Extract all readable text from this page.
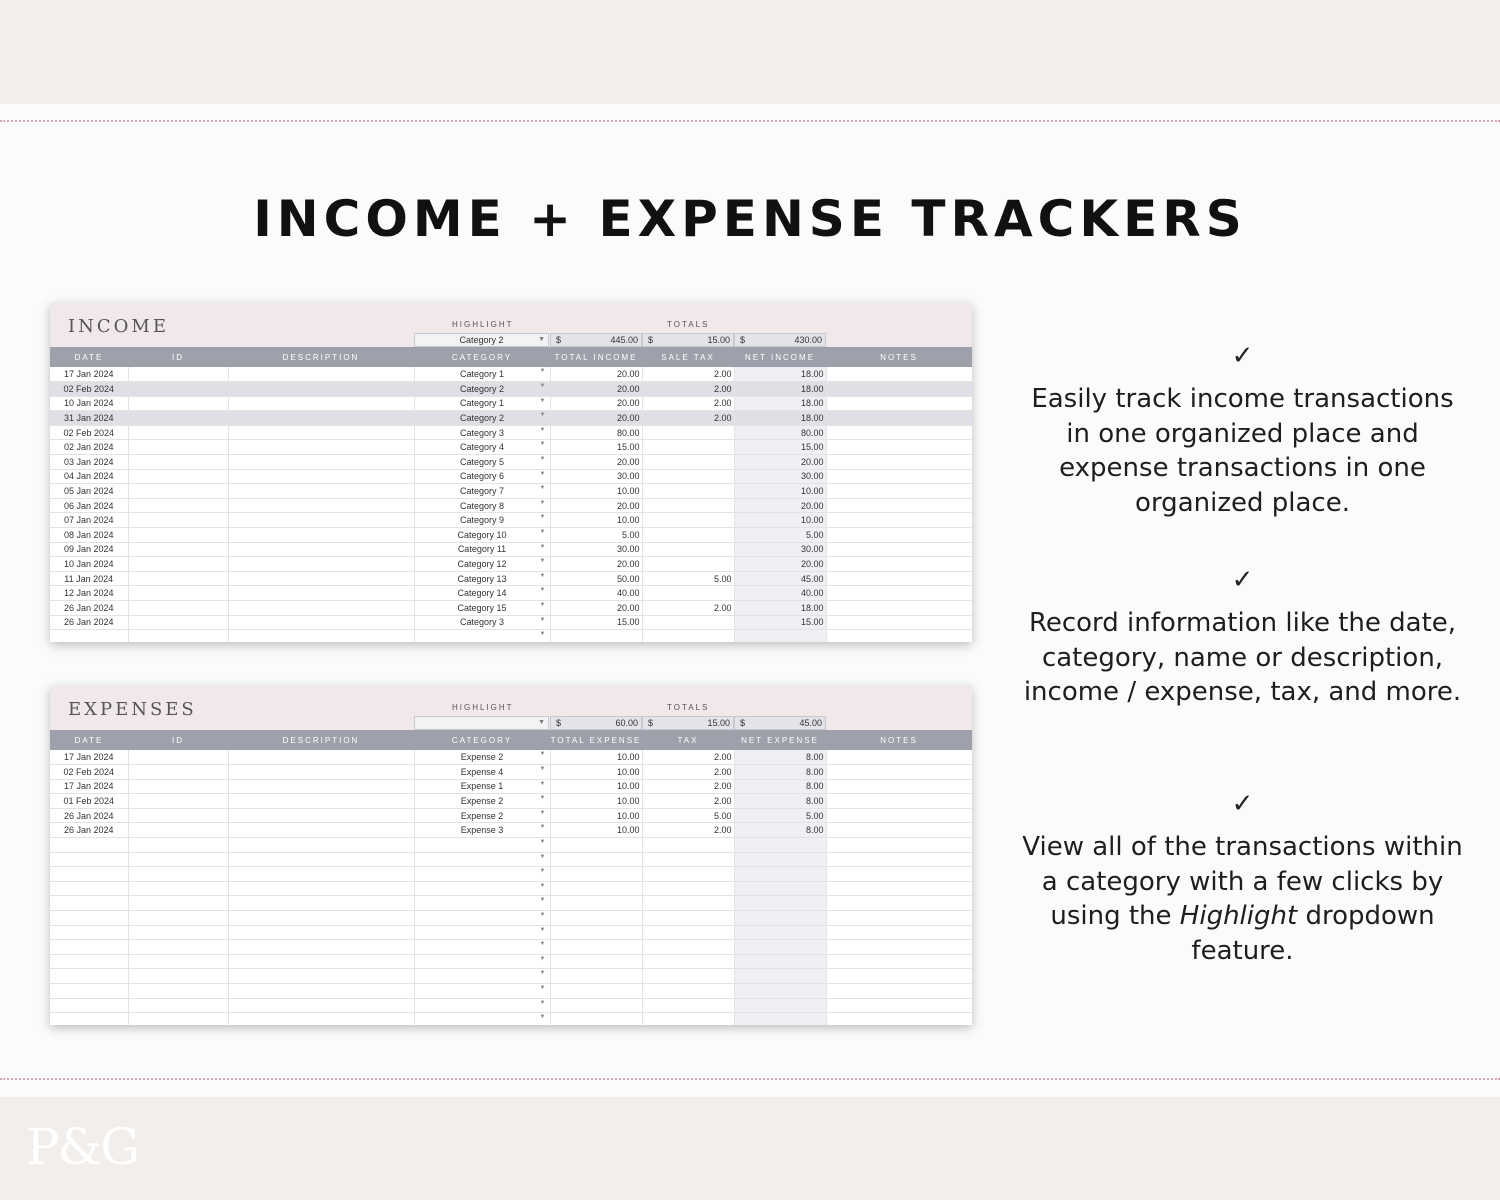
INCOME + EXPENSE TRACKERS
INCOME	HIGHLIGHT	TOTALS
Category 2	▼ $	445.00 $	15.00 $	430.00
DATE	ID	DESCRIPTION	CATEGORY	TOTAL INCOME	SALE TAX	NET INCOME	NOTES
17 Jan 2024			Category 1 ▼	20.00	2.00	18.00	
02 Feb 2024			Category 2 ▼	20.00	2.00	18.00	
10 Jan 2024			Category 1 ▼	20.00	2.00	18.00	
31 Jan 2024			Category 2 ▼	20.00	2.00	18.00	
02 Feb 2024			Category 3 ▼	80.00		80.00	
02 Jan 2024			Category 4 ▼	15.00		15.00	
03 Jan 2024			Category 5 ▼	20.00		20.00	
04 Jan 2024			Category 6 ▼	30.00		30.00	
05 Jan 2024			Category 7 ▼	10.00		10.00	
06 Jan 2024			Category 8 ▼	20.00		20.00	
07 Jan 2024			Category 9 ▼	10.00		10.00	
08 Jan 2024			Category 10 ▼	5.00		5.00	
09 Jan 2024			Category 11 ▼	30.00		30.00	
10 Jan 2024			Category 12 ▼	20.00		20.00	
11 Jan 2024			Category 13 ▼	50.00	5.00	45.00	
12 Jan 2024			Category 14 ▼	40.00		40.00	
26 Jan 2024			Category 15 ▼	20.00	2.00	18.00	
26 Jan 2024			Category 3 ▼	15.00		15.00	

			▼				

EXPENSES	HIGHLIGHT	TOTALS
▼ $	60.00 $	15.00 $	45.00
DATE	ID	DESCRIPTION	CATEGORY	TOTAL EXPENSE	TAX	NET EXPENSE	NOTES
17 Jan 2024			Expense 2 ▼	10.00	2.00	8.00	
02 Feb 2024			Expense 4 ▼	10.00	2.00	8.00	
17 Jan 2024			Expense 1 ▼	10.00	2.00	8.00	
01 Feb 2024			Expense 2 ▼	10.00	2.00	8.00	
26 Jan 2024			Expense 2 ▼	10.00	5.00	5.00	
26 Jan 2024			Expense 3 ▼	10.00	2.00	8.00	

			▼				

			▼				

			▼				

			▼				

			▼				

			▼				

			▼				

			▼				

			▼				

			▼				

			▼				

			▼				

			▼				

✓
Easily track income transactions in one organized place and expense transactions in one organized place.
✓
Record information like the date, category, name or description, income / expense, tax, and more.
✓
View all of the transactions within a category with a few clicks by using the Highlight dropdown feature.
P&G
